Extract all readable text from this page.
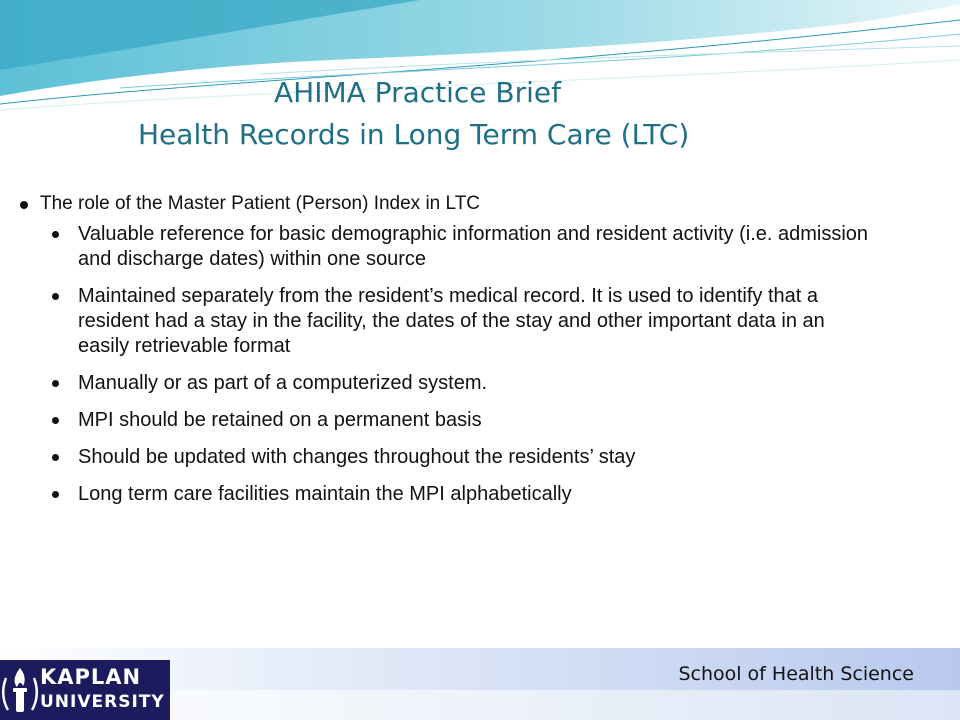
AHIMA Practice Brief
Health Records in Long Term Care (LTC)
The role of the Master Patient (Person) Index in LTC
Valuable reference for basic demographic information and resident activity (i.e. admission and discharge dates) within one source
Maintained separately from the resident’s medical record. It is used to identify that a resident had a stay in the facility, the dates of the stay and other important data in an easily retrievable format
Manually or as part of a computerized system.
MPI should be retained on a permanent basis
Should be updated with changes throughout the residents’ stay
Long term care facilities maintain the MPI alphabetically
KAPLAN
UNIVERSITY
School of Health Science
